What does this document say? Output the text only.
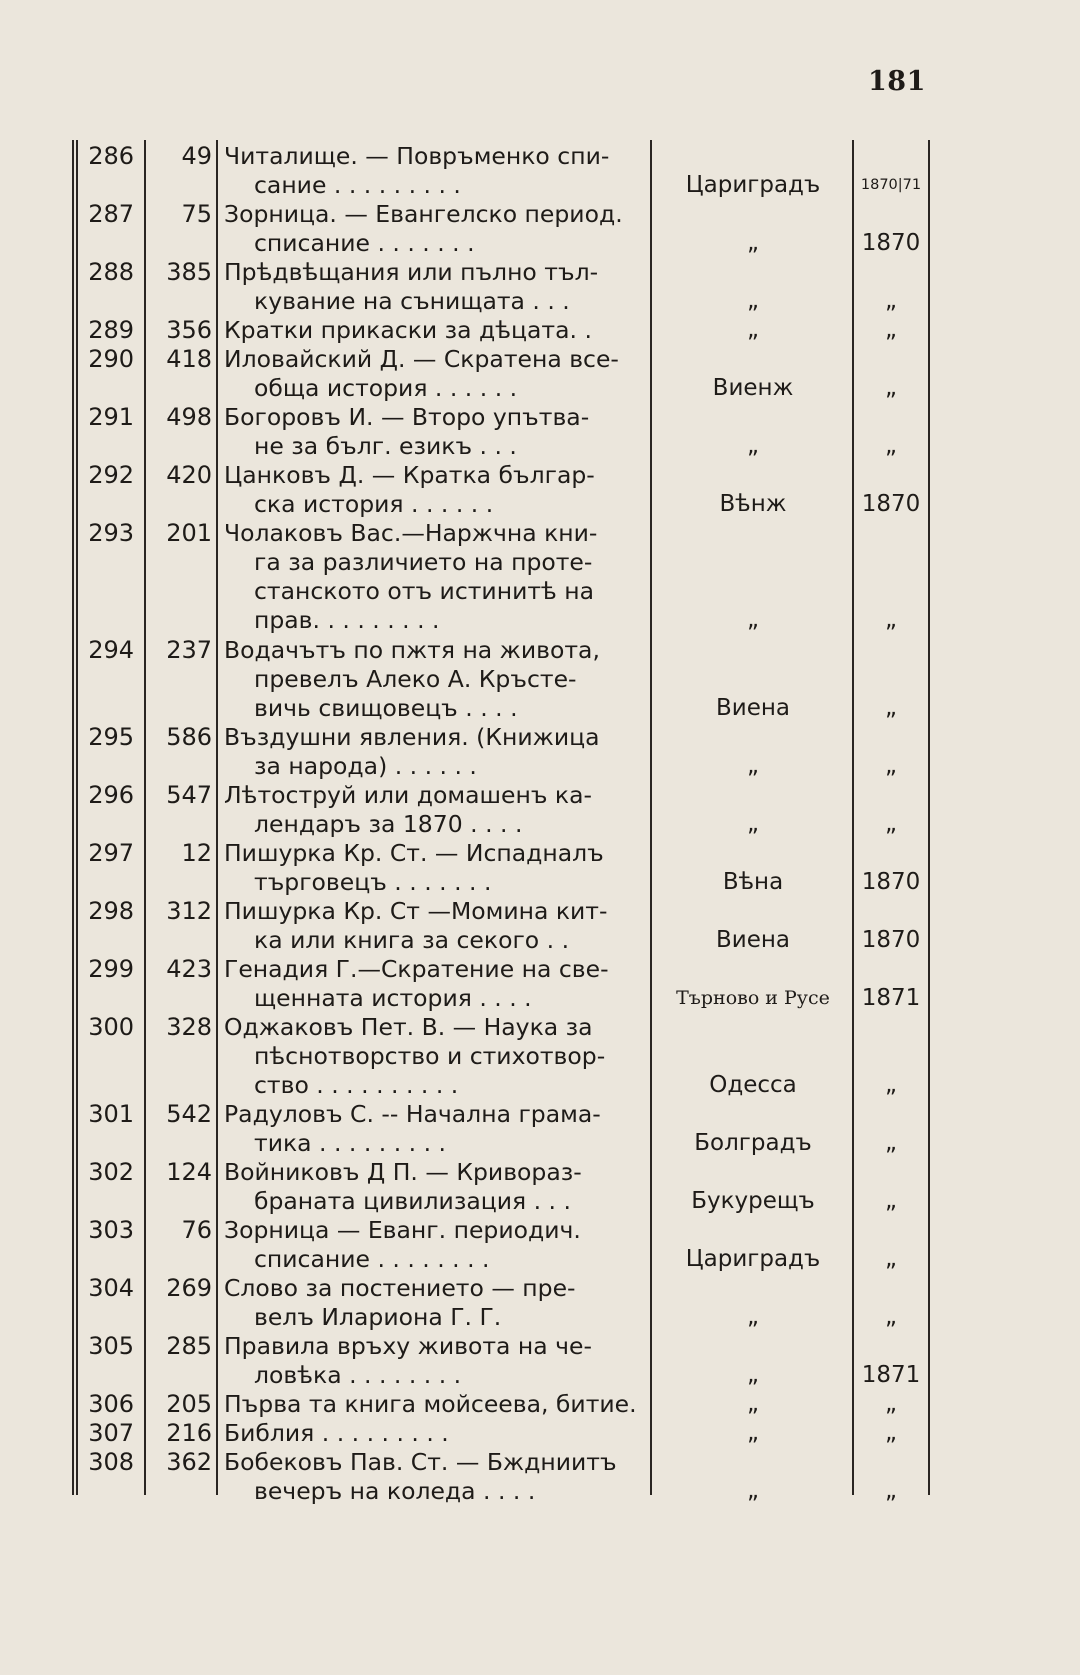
181
286	49 Читалище. — Повръменко спи-
сание . . . . . . . . .	Цариградъ	1870|71
287	75 Зорница. — Евангелско период.
списание . . . . . . .	„	1870
288	385 Прѣдвѣщания или пълно тъл-
кувание на сънищата . . .	„	„
289	356 Кратки прикаски за дѣцата. .	„	„
290	418 Иловайский Д. — Скратена все-
обща история . . . . . .	Виенж	„
291	498 Богоровъ И. — Второ упътва-
не за бълг. езикъ . . .	„	„
292	420 Цанковъ Д. — Кратка българ-
ска история . . . . . .	Вѣнж	1870
293	201 Чолаковъ Вас.—Наржчна кни-
га за различието на проте-
станското отъ истинитѣ на
прав. . . . . . . . .	„	„
294	237 Водачътъ по пжтя на живота,
превелъ Алеко А. Кръсте-
вичь свищовецъ . . . .	Виена	„
295	586 Въздушни явления. (Книжица
за народа) . . . . . .	„	„
296	547 Лѣтоструй или домашенъ ка-
лендаръ за 1870 . . . .	„	„
297	12 Пишурка Кр. Ст. — Испадналъ
търговецъ . . . . . . .	Вѣна	1870
298	312 Пишурка Кр. Ст —Момина кит-
ка или книга за секого . .	Виена	1870
299	423 Генадия Г.—Скратение на све-
щенната история . . . .	Търново и Русе	1871
300	328 Оджаковъ Пет. В. — Наука за
пѣснотворство и стихотвор-
ство . . . . . . . . . .	Одесса	„
301	542 Радуловъ С. -- Начална грама-
тика . . . . . . . . .	Болградъ	„
302	124 Войниковъ Д П. — Кривораз-
браната цивилизация . . .	Букурещъ	„
303	76 Зорница — Еванг. периодич.
списание . . . . . . . .	Цариградъ	„
304	269 Слово за постението — пре-
велъ Илариона Г. Г.	„	„
305	285 Правила връху живота на че-
ловѣка . . . . . . . .	„	1871
306	205 Първа та книга мойсеева, битие.	„	„
307	216 Библия . . . . . . . . .	„	„
308	362 Бобековъ Пав. Ст. — Бждниитъ
вечеръ на коледа . . . .	„	„
